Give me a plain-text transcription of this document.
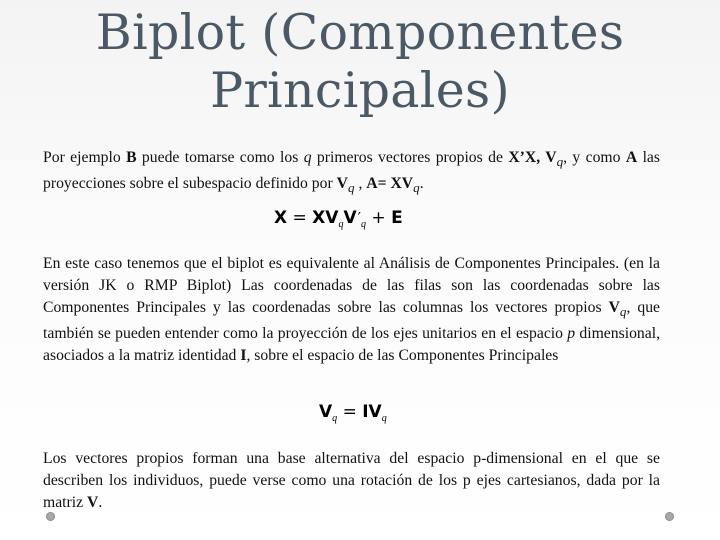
Biplot (Componentes
Principales)
Por ejemplo B puede tomarse como los q primeros vectores propios de X’X, $V_q$, y como A las proyecciones sobre el subespacio definido por $V_q$ , $A= XV_q$.
$X = XV_qV'_q + E$
En este caso tenemos que el biplot es equivalente al Análisis de Componentes Principales. (en la versión JK o RMP Biplot) Las coordenadas de las filas son las coordenadas sobre las Componentes Principales y las coordenadas sobre las columnas los vectores propios $V_q$, que también se pueden entender como la proyección de los ejes unitarios en el espacio p dimensional, asociados a la matriz identidad I, sobre el espacio de las Componentes Principales
$V_q = IV_q$
Los vectores propios forman una base alternativa del espacio p-dimensional en el que se describen los individuos, puede verse como una rotación de los p ejes cartesianos, dada por la matriz V.
